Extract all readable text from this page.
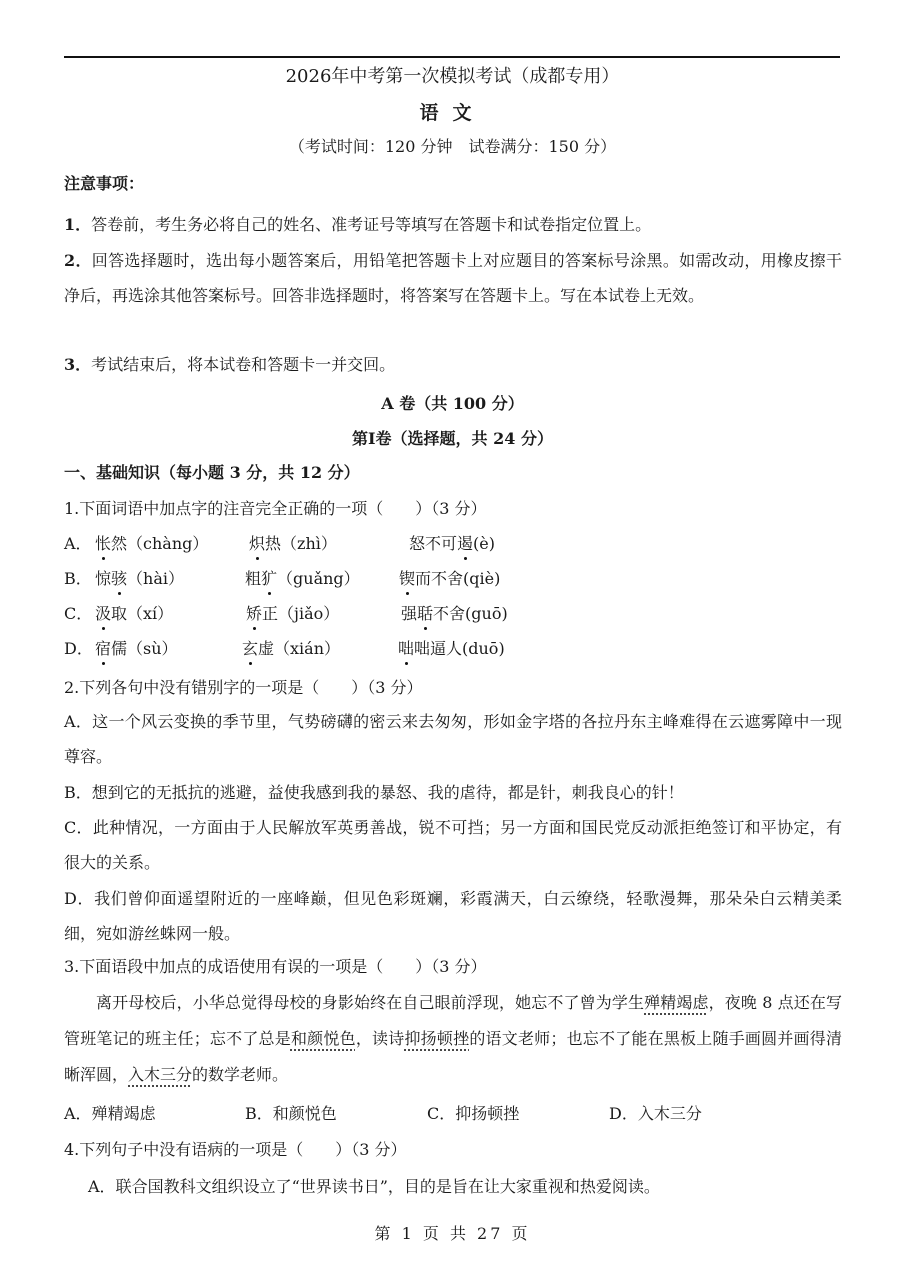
2026年中考第一次模拟考试（成都专用）
语文
（考试时间：120 分钟　试卷满分：150 分）
注意事项：
1．答卷前，考生务必将自己的姓名、准考证号等填写在答题卡和试卷指定位置上。
2．回答选择题时，选出每小题答案后，用铅笔把答题卡上对应题目的答案标号涂黑。如需改动，用橡皮擦干净后，再选涂其他答案标号。回答非选择题时，将答案写在答题卡上。写在本试卷上无效。
3．考试结束后，将本试卷和答题卡一并交回。
A 卷（共 100 分）
第Ⅰ卷（选择题，共 24 分）
一、基础知识（每小题 3 分，共 12 分）
1.下面词语中加点字的注音完全正确的一项（　　）（3 分）
A． 怅然（chàng）	炽热（zhì）	怒不可遏(è)
B． 惊骇（hài）	粗犷（guǎng） 锲而不舍(qiè)
C． 汲取（xí）	矫正（jiǎo）	强聒不舍(guō)
D． 宿儒（sù）	玄虚（xián）	咄咄逼人(duō)
2.下列各句中没有错别字的一项是（　　）（3 分）
A．这一个风云变换的季节里，气势磅礴的密云来去匆匆，形如金字塔的各拉丹东主峰难得在云遮雾障中一现尊容。
B．想到它的无抵抗的逃避，益使我感到我的暴怒、我的虐待，都是针，刺我良心的针！
C．此种情况，一方面由于人民解放军英勇善战，锐不可挡；另一方面和国民党反动派拒绝签订和平协定，有很大的关系。
D．我们曾仰面遥望附近的一座峰巅，但见色彩斑斓，彩霞满天，白云缭绕，轻歌漫舞，那朵朵白云精美柔细，宛如游丝蛛网一般。
3.下面语段中加点的成语使用有误的一项是（　　）（3 分）
离开母校后，小华总觉得母校的身影始终在自己眼前浮现，她忘不了曾为学生殚精竭虑，夜晚 8 点还在写管班笔记的班主任；忘不了总是和颜悦色，读诗抑扬顿挫的语文老师；也忘不了能在黑板上随手画圆并画得清晰浑圆，入木三分的数学老师。
A．殚精竭虑	B．和颜悦色	C．抑扬顿挫	D．入木三分
4.下列句子中没有语病的一项是（　　）（3 分）
A．联合国教科文组织设立了“世界读书日”，目的是旨在让大家重视和热爱阅读。
第 1 页 共 27 页
